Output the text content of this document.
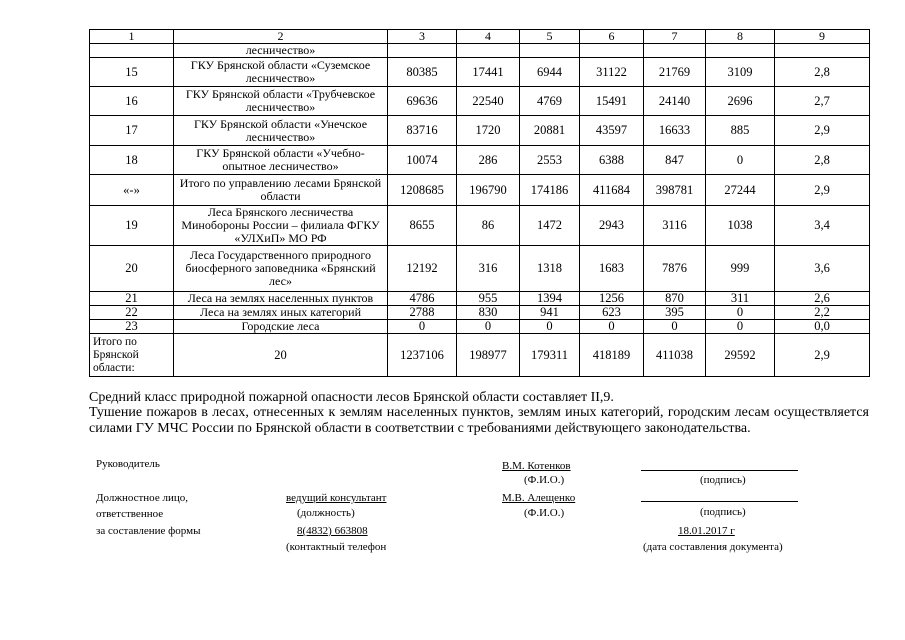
1	2	3	4	5	6	7	8	9
	лесничество»							
15	ГКУ Брянской области «Суземское лесничество»	80385	17441	6944	31122	21769	3109	2,8
16	ГКУ Брянской области «Трубчевское лесничество»	69636	22540	4769	15491	24140	2696	2,7
17	ГКУ Брянской области «Унечское лесничество»	83716	1720	20881	43597	16633	885	2,9
18	ГКУ Брянской области «Учебно-опытное лесничество»	10074	286	2553	6388	847	0	2,8
«-»	Итого по управлению лесами Брянской области	1208685	196790	174186	411684	398781	27244	2,9
19	Леса Брянского лесничества Минобороны России – филиала ФГКУ «УЛХиП» МО РФ	8655	86	1472	2943	3116	1038	3,4
20	Леса Государственного природного биосферного заповедника «Брянский лес»	12192	316	1318	1683	7876	999	3,6
21	Леса на землях населенных пунктов	4786	955	1394	1256	870	311	2,6
22	Леса на землях иных категорий	2788	830	941	623	395	0	2,2
23	Городские леса	0	0	0	0	0	0	0,0
Итого по Брянской области:	20	1237106	198977	179311	418189	411038	29592	2,9
Средний класс природной пожарной опасности лесов Брянской области составляет II,9.
Тушение пожаров в лесах, отнесенных к землям населенных пунктов, землям иных категорий, городским лесам осуществляется силами ГУ МЧС России по Брянской области в соответствии с требованиями действующего законодательства.
Руководитель	В.М. Котенков
(Ф.И.О.)	(подпись)
Должностное лицо,
ответственное
за составление формы
ведущий консультант
(должность)
М.В. Алещенко
(Ф.И.О.)	(подпись)
8(4832) 663808
(контактный телефон
18.01.2017 г
(дата составления документа)
